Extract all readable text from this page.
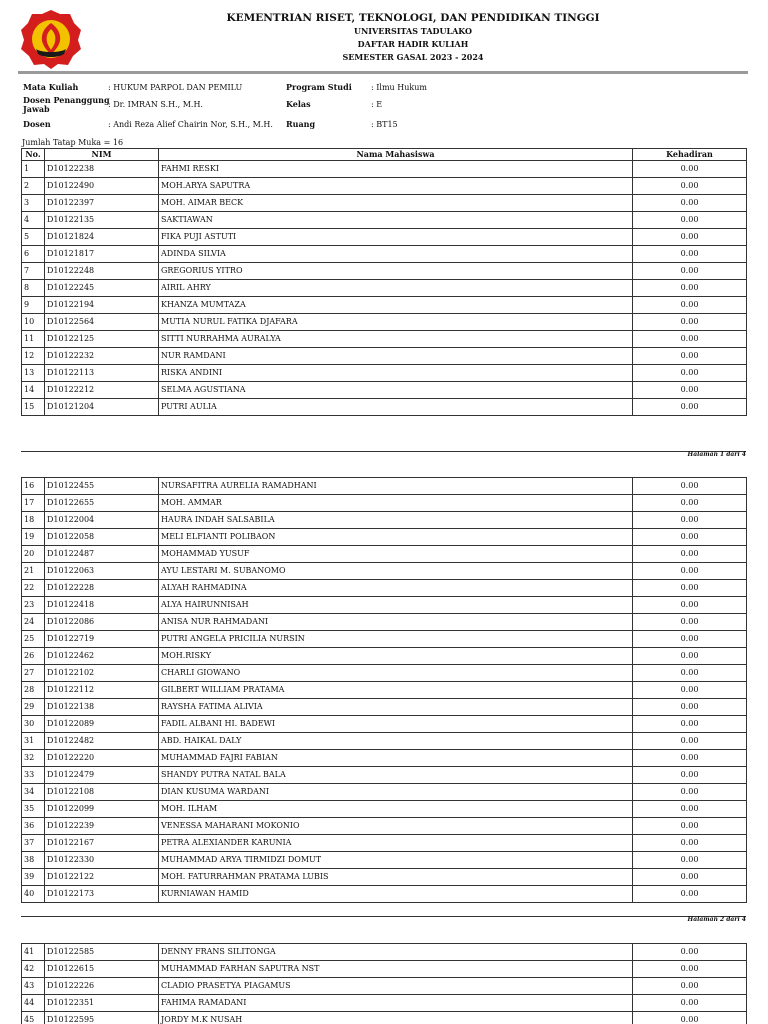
KEMENTRIAN RISET, TEKNOLOGI, DAN PENDIDIKAN TINGGI
UNIVERSITAS TADULAKO
DAFTAR HADIR KULIAH
SEMESTER GASAL 2023 - 2024
Mata Kuliah	: HUKUM PARPOL DAN PEMILU
Dosen Penanggung
Jawab	: Dr. IMRAN S.H., M.H.
Dosen	: Andi Reza Alief Chairin Nor, S.H., M.H.
Program Studi : Ilmu Hukum
Kelas	: E
Ruang	: BT15
Jumlah Tatap Muka = 16
No.	NIM	Nama Mahasiswa	Kehadiran
1	D10122238	FAHMI RESKI	0.00
2	D10122490	MOH.ARYA SAPUTRA	0.00
3	D10122397	MOH. AIMAR BECK	0.00
4	D10122135	SAKTIAWAN	0.00
5	D10121824	FIKA PUJI ASTUTI	0.00
6	D10121817	ADINDA SILVIA	0.00
7	D10122248	GREGORIUS YITRO	0.00
8	D10122245	AIRIL AHRY	0.00
9	D10122194	KHANZA MUMTAZA	0.00
10	D10122564	MUTIA NURUL FATIKA DJAFARA	0.00
11	D10122125	SITTI NURRAHMA AURALYA	0.00
12	D10122232	NUR RAMDANI	0.00
13	D10122113	RISKA ANDINI	0.00
14	D10122212	SELMA AGUSTIANA	0.00
15	D10121204	PUTRI AULIA	0.00
Halaman 1 dari 4
16	D10122455	NURSAFITRA AURELIA RAMADHANI	0.00
17	D10122655	MOH. AMMAR	0.00
18	D10122004	HAURA INDAH SALSABILA	0.00
19	D10122058	MELI ELFIANTI POLIBAON	0.00
20	D10122487	MOHAMMAD YUSUF	0.00
21	D10122063	AYU LESTARI M. SUBANOMO	0.00
22	D10122228	ALYAH RAHMADINA	0.00
23	D10122418	ALYA HAIRUNNISAH	0.00
24	D10122086	ANISA NUR RAHMADANI	0.00
25	D10122719	PUTRI ANGELA PRICILIA NURSIN	0.00
26	D10122462	MOH.RISKY	0.00
27	D10122102	CHARLI GIOWANO	0.00
28	D10122112	GILBERT WILLIAM PRATAMA	0.00
29	D10122138	RAYSHA FATIMA ALIVIA	0.00
30	D10122089	FADIL ALBANI HI. BADEWI	0.00
31	D10122482	ABD. HAIKAL DALY	0.00
32	D10122220	MUHAMMAD FAJRI FABIAN	0.00
33	D10122479	SHANDY PUTRA NATAL BALA	0.00
34	D10122108	DIAN KUSUMA WARDANI	0.00
35	D10122099	MOH. ILHAM	0.00
36	D10122239	VENESSA MAHARANI MOKONIO	0.00
37	D10122167	PETRA ALEXIANDER KARUNIA	0.00
38	D10122330	MUHAMMAD ARYA TIRMIDZI DOMUT	0.00
39	D10122122	MOH. FATURRAHMAN PRATAMA LUBIS	0.00
40	D10122173	KURNIAWAN HAMID	0.00
Halaman 2 dari 4
41	D10122585	DENNY FRANS SILITONGA	0.00
42	D10122615	MUHAMMAD FARHAN SAPUTRA NST	0.00
43	D10122226	CLADIO PRASETYA PIAGAMUS	0.00
44	D10122351	FAHIMA RAMADANI	0.00
45	D10122595	JORDY M.K NUSAH	0.00
